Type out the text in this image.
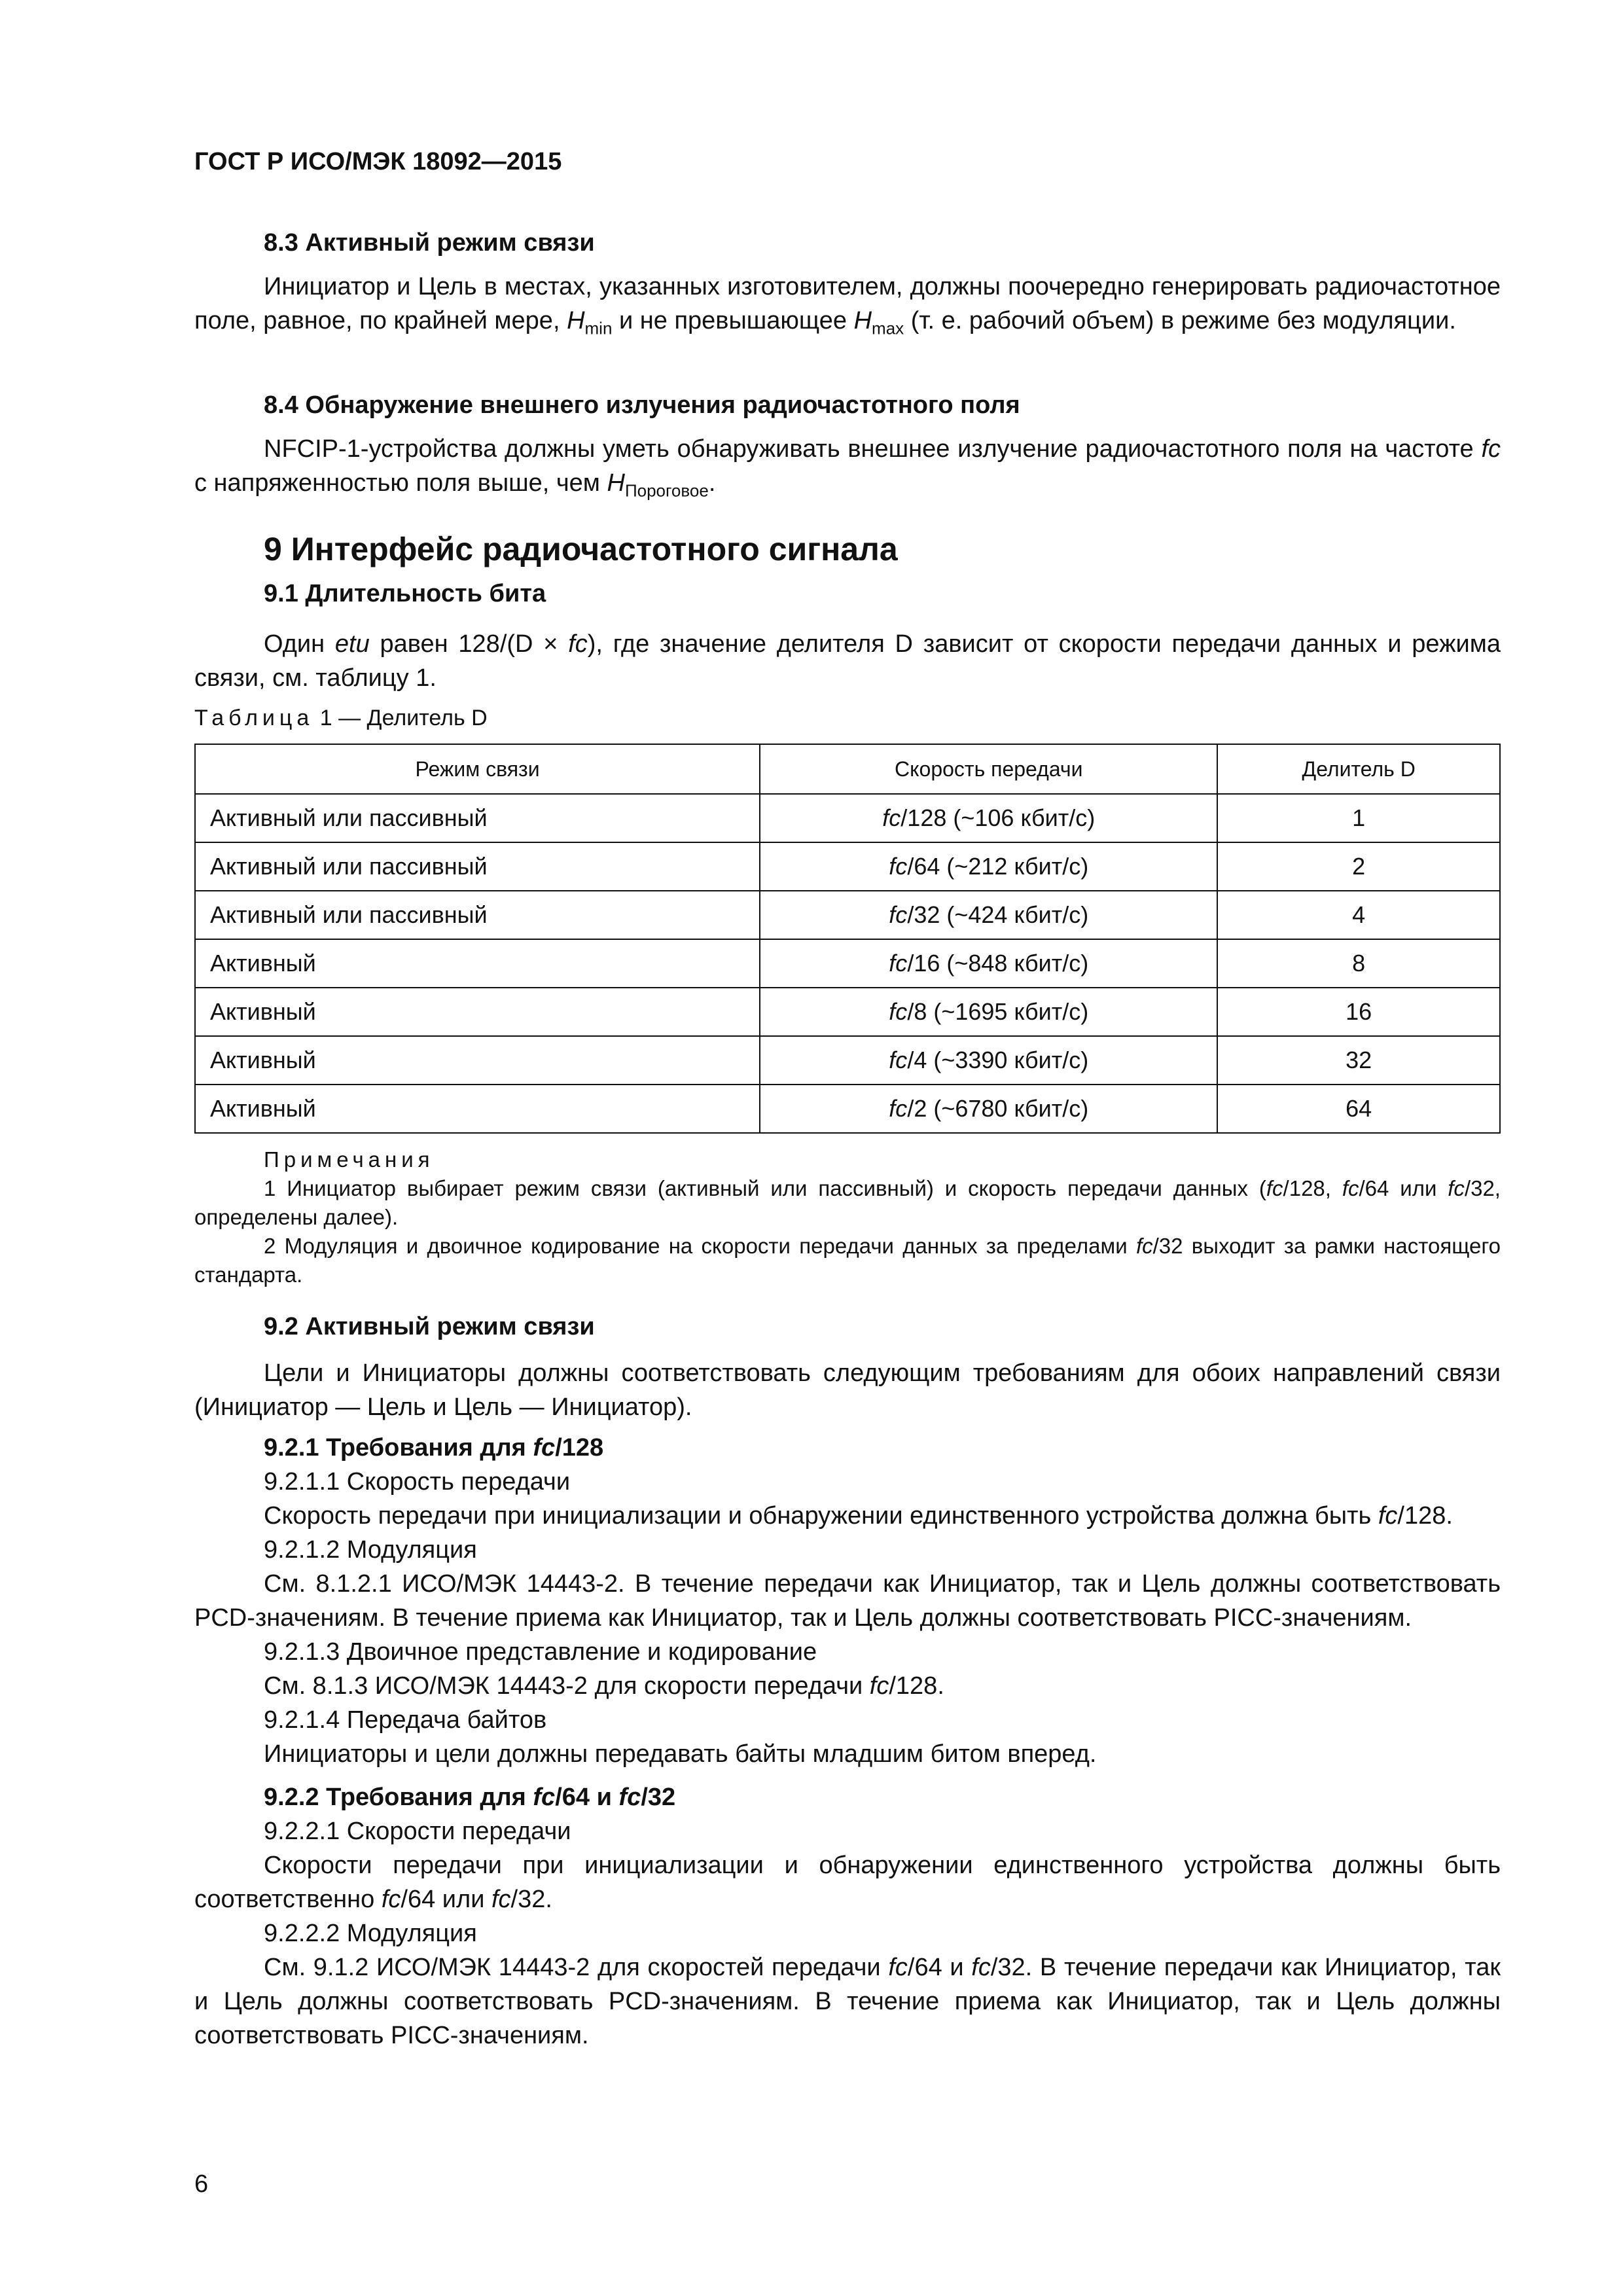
ГОСТ Р ИСО/МЭК 18092—2015
8.3 Активный режим связи

Инициатор и Цель в местах, указанных изготовителем, должны поочередно генерировать радиочастотное поле, равное, по крайней мере, $H_{min}$ и не превышающее $H_{max}$ (т. е. рабочий объем) в режиме без модуляции.

8.4 Обнаружение внешнего излучения радиочастотного поля

NFCIP-1-устройства должны уметь обнаруживать внешнее излучение радиочастотного поля на частоте fc с напряженностью поля выше, чем $H_{Пороговое}$.

9 Интерфейс радиочастотного сигнала
9.1 Длительность бита

Один etu равен 128/(D × fc), где значение делителя D зависит от скорости передачи данных и режима связи, см. таблицу 1.

Таблица 1 — Делитель D
Режим связи	Скорость передачи	Делитель D
Активный или пассивный	fc/128 (~106 кбит/с)	1
Активный или пассивный	fc/64 (~212 кбит/с)	2
Активный или пассивный	fc/32 (~424 кбит/с)	4
Активный	fc/16 (~848 кбит/с)	8
Активный	fc/8 (~1695 кбит/с)	16
Активный	fc/4 (~3390 кбит/с)	32
Активный	fc/2 (~6780 кбит/с)	64

Примечания

1 Инициатор выбирает режим связи (активный или пассивный) и скорость передачи данных (fc/128, fc/64 или fc/32, определены далее).

2 Модуляция и двоичное кодирование на скорости передачи данных за пределами fc/32 выходит за рамки настоящего стандарта.

9.2 Активный режим связи

Цели и Инициаторы должны соответствовать следующим требованиям для обоих направлений связи (Инициатор — Цель и Цель — Инициатор).

9.2.1 Требования для fc/128

9.2.1.1 Скорость передачи

Скорость передачи при инициализации и обнаружении единственного устройства должна быть fc/128.

9.2.1.2 Модуляция

См. 8.1.2.1 ИСО/МЭК 14443-2. В течение передачи как Инициатор, так и Цель должны соответствовать PCD-значениям. В течение приема как Инициатор, так и Цель должны соответствовать PICC-значениям.

9.2.1.3 Двоичное представление и кодирование

См. 8.1.3 ИСО/МЭК 14443-2 для скорости передачи fc/128.

9.2.1.4 Передача байтов

Инициаторы и цели должны передавать байты младшим битом вперед.

9.2.2 Требования для fc/64 и fc/32

9.2.2.1 Скорости передачи

Скорости передачи при инициализации и обнаружении единственного устройства должны быть соответственно fc/64 или fc/32.

9.2.2.2 Модуляция

См. 9.1.2 ИСО/МЭК 14443-2 для скоростей передачи fc/64 и fc/32. В течение передачи как Инициатор, так и Цель должны соответствовать PCD-значениям. В течение приема как Инициатор, так и Цель должны соответствовать PICC-значениям.

6
